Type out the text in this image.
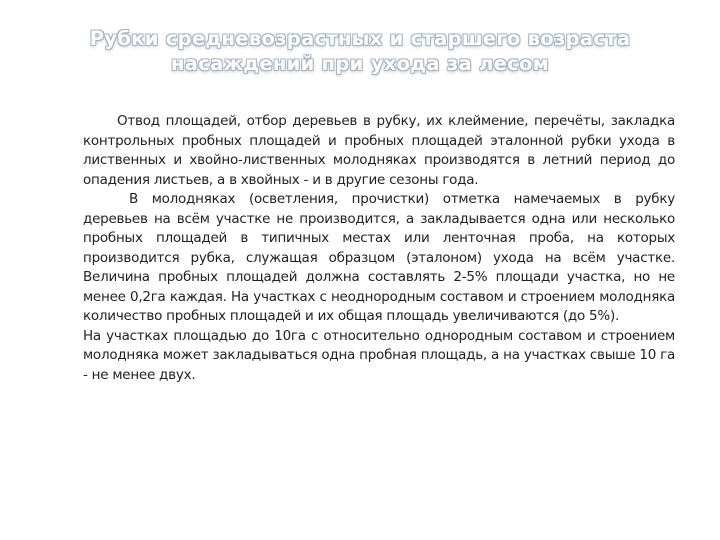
Рубки средневозрастных и старшего возраста насаждений при ухода за лесом

Отвод площадей, отбор деревьев в рубку, их клеймение, перечёты, закладка контрольных пробных площадей и пробных площадей эталонной рубки ухода в лиственных и хвойно-лиственных молодняках производятся в летний период до опадения листьев, а в хвойных - и в другие сезоны года.

В молодняках (осветления, прочистки) отметка намечаемых в рубку деревьев на всём участке не производится, а закладывается одна или несколько пробных площадей в типичных местах или ленточная проба, на которых производится рубка, служащая образцом (эталоном) ухода на всём участке. Величина пробных площадей должна составлять 2-5% площади участка, но не менее 0,2га каждая. На участках с неоднородным составом и строением молодняка количество пробных площадей и их общая площадь увеличиваются (до 5%).

На участках площадью до 10га с относительно однородным составом и строением молодняка может закладываться одна пробная площадь, а на участках свыше 10 га - не менее двух.
